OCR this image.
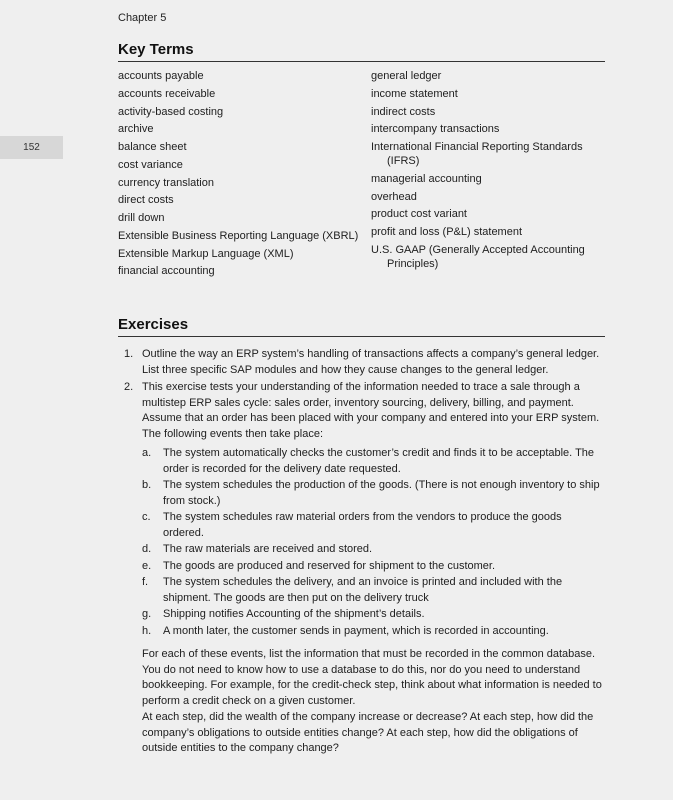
Chapter 5
152
Key Terms
accounts payable
accounts receivable
activity-based costing
archive
balance sheet
cost variance
currency translation
direct costs
drill down
Extensible Business Reporting Language (XBRL)
Extensible Markup Language (XML)
financial accounting
general ledger
income statement
indirect costs
intercompany transactions
International Financial Reporting Standards (IFRS)
managerial accounting
overhead
product cost variant
profit and loss (P&L) statement
U.S. GAAP (Generally Accepted Accounting Principles)
Exercises
1. Outline the way an ERP system’s handling of transactions affects a company’s general ledger. List three specific SAP modules and how they cause changes to the general ledger.
2. This exercise tests your understanding of the information needed to trace a sale through a multistep ERP sales cycle: sales order, inventory sourcing, delivery, billing, and payment. Assume that an order has been placed with your company and entered into your ERP system. The following events then take place:
a. The system automatically checks the customer’s credit and finds it to be acceptable. The order is recorded for the delivery date requested.
b. The system schedules the production of the goods. (There is not enough inventory to ship from stock.)
c. The system schedules raw material orders from the vendors to produce the goods ordered.
d. The raw materials are received and stored.
e. The goods are produced and reserved for shipment to the customer.
f. The system schedules the delivery, and an invoice is printed and included with the shipment. The goods are then put on the delivery truck
g. Shipping notifies Accounting of the shipment’s details.
h. A month later, the customer sends in payment, which is recorded in accounting.

For each of these events, list the information that must be recorded in the common database. You do not need to know how to use a database to do this, nor do you need to understand bookkeeping. For example, for the credit-check step, think about what information is needed to perform a credit check on a given customer.

At each step, did the wealth of the company increase or decrease? At each step, how did the company’s obligations to outside entities change? At each step, how did the obligations of outside entities to the company change?
